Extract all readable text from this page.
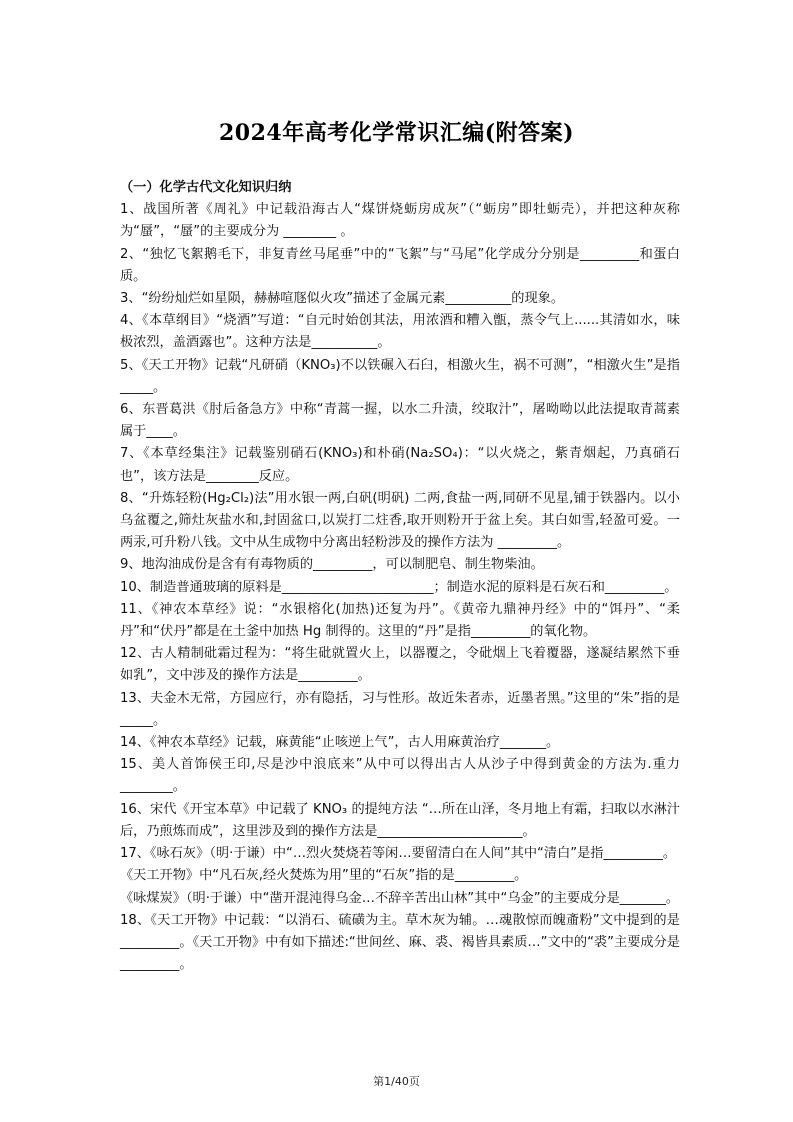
2024年高考化学常识汇编(附答案)

（一）化学古代文化知识归纳

1、战国所著《周礼》中记载沿海古人“煤饼烧蛎房成灰”（“蛎房”即牡蛎壳），并把这种灰称为“蜃”，“蜃”的主要成分为 ________ 。

2、“独忆飞絮鹅毛下，非复青丝马尾垂”中的“飞絮”与“马尾”化学成分分别是_________和蛋白质。

3、“纷纷灿烂如星陨，赫赫喧豗似火攻”描述了金属元素__________的现象。

4、《本草纲目》“烧酒”写道：“自元时始创其法，用浓酒和糟入甑，蒸令气上......其清如水，味极浓烈，盖酒露也”。这种方法是__________。

5、《天工开物》记载“凡研硝（KNO₃)不以铁碾入石臼，相激火生，祸不可测”，“相激火生”是指_____。

6、东晋葛洪《肘后备急方》中称“青蒿一握，以水二升渍，绞取汁”，屠呦呦以此法提取青蒿素属于____。

7、《本草经集注》记载鉴别硝石(KNO₃)和朴硝(Na₂SO₄)：“以火烧之，紫青烟起，乃真硝石也”，该方法是________反应。

8、“升炼轻粉(Hg₂Cl₂)法”用水银一两,白矾(明矾) 二两,食盐一两,同研不见星,铺于铁器内。以小乌盆覆之,筛灶灰盐水和,封固盆口,以炭打二炷香,取开则粉开于盆上矣。其白如雪,轻盈可爱。一两汞,可升粉八钱。文中从生成物中分离出轻粉涉及的操作方法为 _________。

9、地沟油成份是含有有毒物质的_________，可以制肥皂、制生物柴油。

10、制造普通玻璃的原料是_______________________；制造水泥的原料是石灰石和_________。

11、《神农本草经》说：“水银榕化(加热)还复为丹”。《黄帝九鼎神丹经》中的“饵丹”、“柔丹”和“伏丹”都是在土釜中加热 Hg 制得的。这里的“丹”是指_________的氧化物。

12、古人精制砒霜过程为：“将生砒就置火上，以器覆之，令砒烟上飞着覆器，遂凝结累然下垂如乳”，文中涉及的操作方法是_________。

13、夫金木无常，方园应行，亦有隐括，习与性形。故近朱者赤，近墨者黑。”这里的“朱”指的是_____。

14、《神农本草经》记载，麻黄能“止咳逆上气”，古人用麻黄治疗_______。

15、美人首饰侯王印,尽是沙中浪底来”从中可以得出古人从沙子中得到黄金的方法为.重力________。

16、宋代《开宝本草》中记载了 KNO₃ 的提纯方法 “…所在山泽，冬月地上有霜，扫取以水淋汁后，乃煎炼而成”，这里涉及到的操作方法是______________________。

17、《咏石灰》（明·于谦）中“…烈火焚烧若等闲…要留清白在人间”其中“清白”是指_________。

《天工开物》中“凡石灰,经火焚炼为用”里的“石灰”指的是_________。

《咏煤炭》（明·于谦）中“凿开混沌得乌金…不辞辛苦出山林”其中“乌金”的主要成分是_______。

18、《天工开物》中记载：“以消石、硫磺为主。草木灰为辅。…魂散惊而魄齑粉”文中提到的是_________。《天工开物》中有如下描述:“世间丝、麻、裘、褐皆具素质…”文中的“裘”主要成分是_________。

第1/40页
